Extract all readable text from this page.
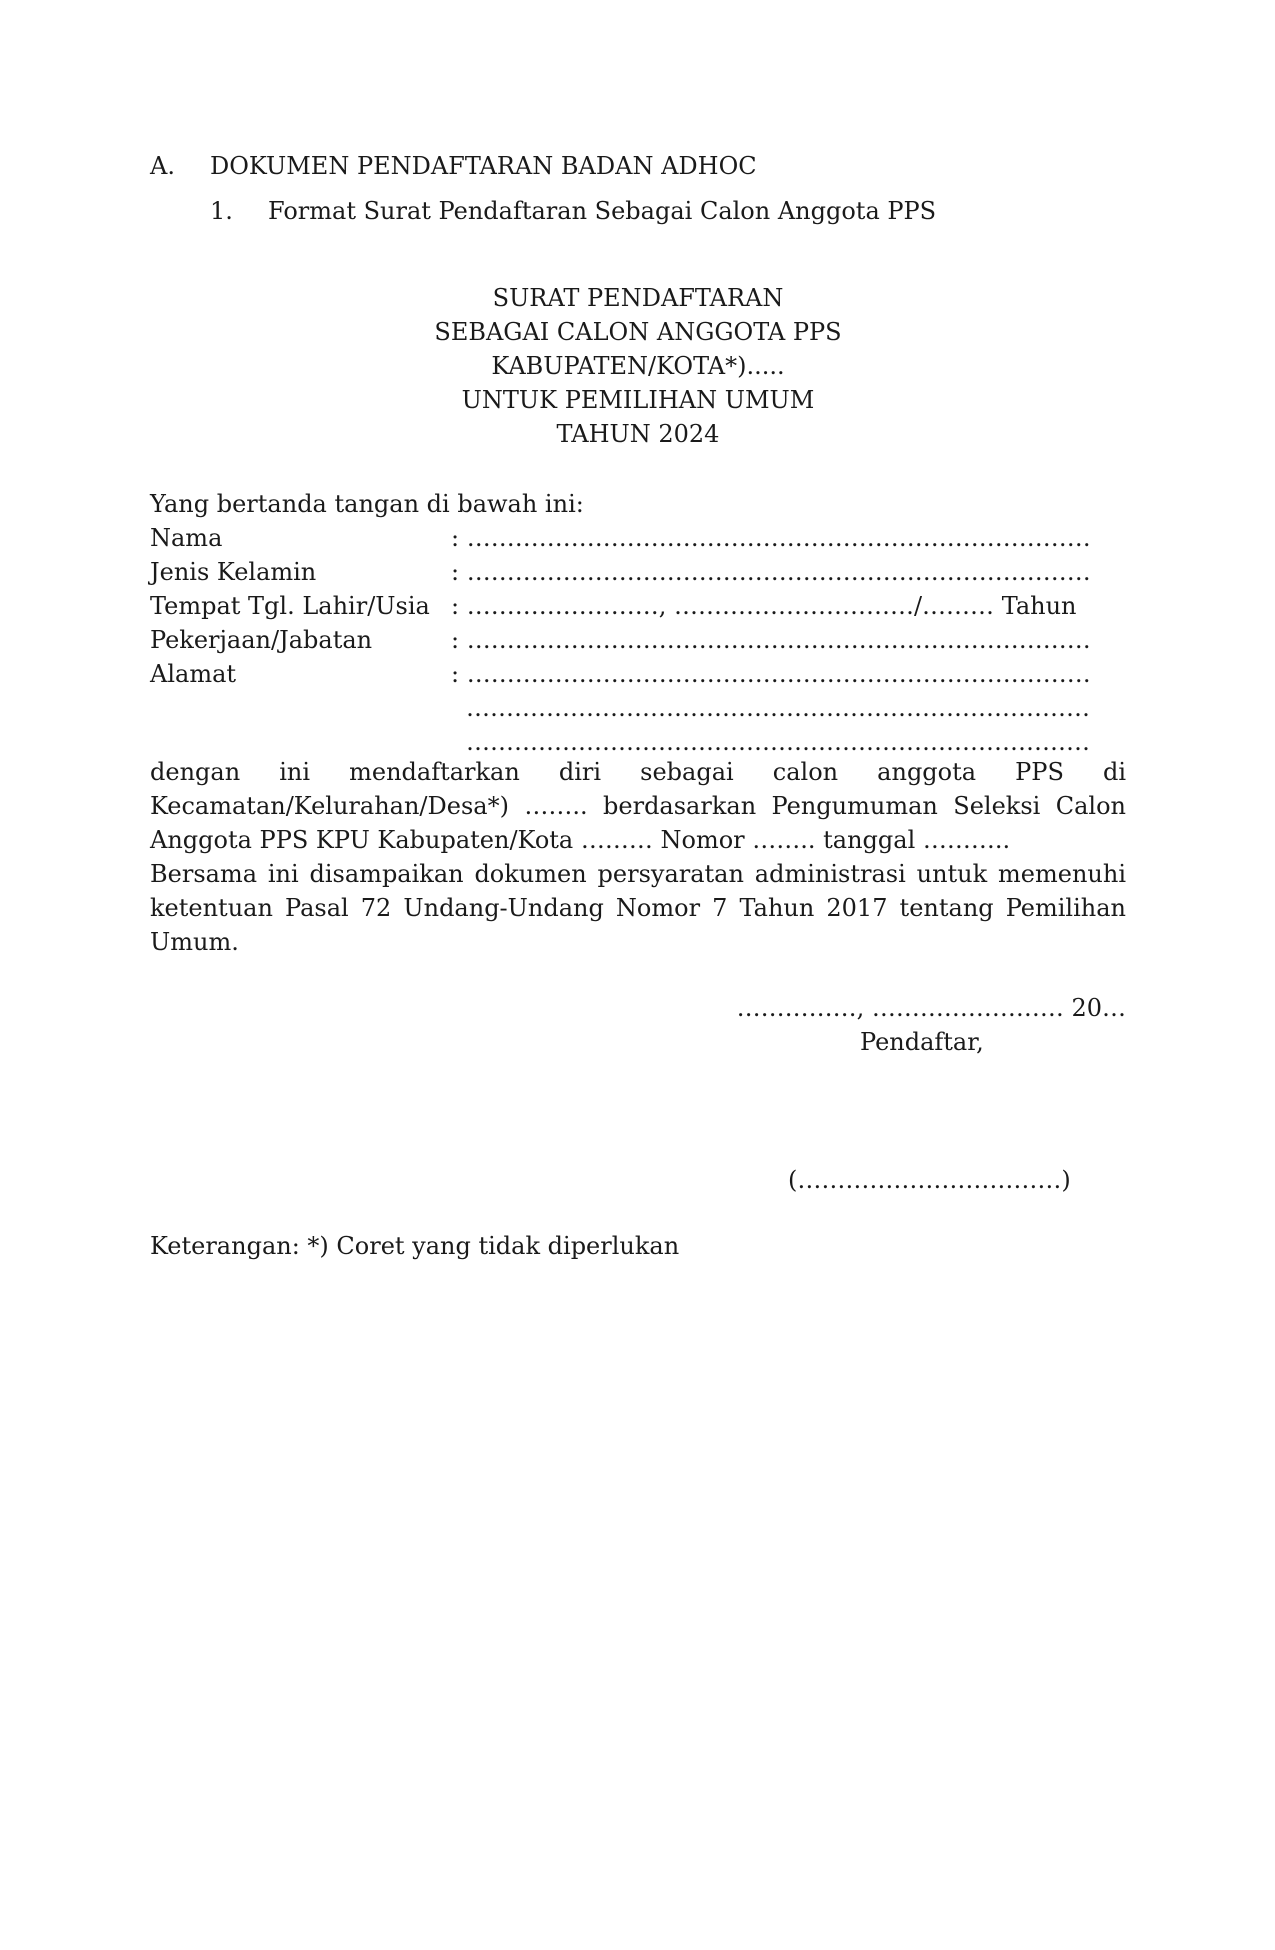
A. DOKUMEN PENDAFTARAN BADAN ADHOC
1. Format Surat Pendaftaran Sebagai Calon Anggota PPS
SURAT PENDAFTARAN
SEBAGAI CALON ANGGOTA PPS
KABUPATEN/KOTA*).....
UNTUK PEMILIHAN UMUM
TAHUN 2024
Yang bertanda tangan di bawah ini:
Nama	: ……………………………………………………………………
Jenis Kelamin	: ……………………………………………………………………
Tempat Tgl. Lahir/Usia : ……………………, …………………………/……… Tahun
Pekerjaan/Jabatan	: ……………………………………………………………………
Alamat	: ……………………………………………………………………
……………………………………………………………………
……………………………………………………………………
dengan ini mendaftarkan diri sebagai calon anggota PPS di
Kecamatan/Kelurahan/Desa*) …….. berdasarkan Pengumuman Seleksi Calon
Anggota PPS KPU Kabupaten/Kota ……… Nomor …….. tanggal ………..
Bersama ini disampaikan dokumen persyaratan administrasi untuk memenuhi
ketentuan Pasal 72 Undang-Undang Nomor 7 Tahun 2017 tentang Pemilihan
Umum.
……………, …………………… 20…
Pendaftar,
(……………………………)
Keterangan: *) Coret yang tidak diperlukan
